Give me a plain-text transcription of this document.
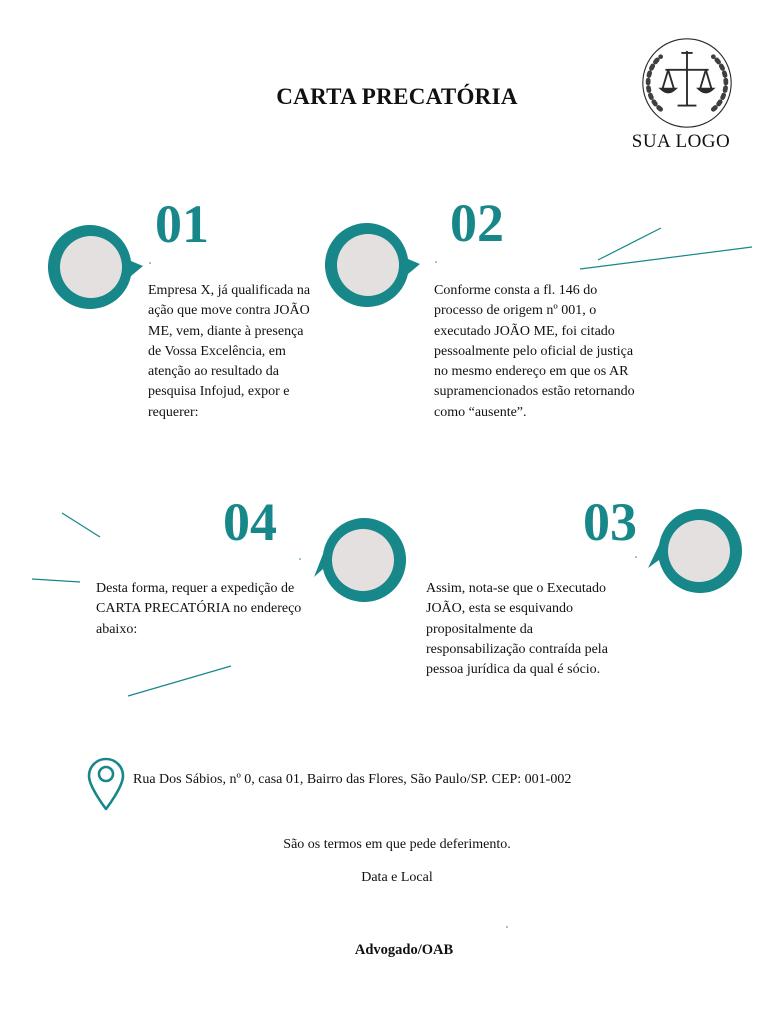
CARTA PRECATÓRIA
SUA LOGO
01
Empresa X, já qualificada na ação que move contra JOÃO ME, vem, diante à presença de Vossa Excelência, em atenção ao resultado da pesquisa Infojud, expor e requerer:
02
Conforme consta a fl. 146 do processo de origem nº 001, o executado JOÃO ME, foi citado pessoalmente pelo oficial de justiça no mesmo endereço em que os AR supramencionados estão retornando como “ausente”.
04
Desta forma, requer a expedição de CARTA PRECATÓRIA no endereço abaixo:
03
Assim, nota-se que o Executado JOÃO, esta se esquivando propositalmente da responsabilização contraída pela pessoa jurídica da qual é sócio.
Rua Dos Sábios, nº 0, casa 01, Bairro das Flores, São Paulo/SP. CEP: 001-002
São os termos em que pede deferimento.
Data e Local
Advogado/OAB
